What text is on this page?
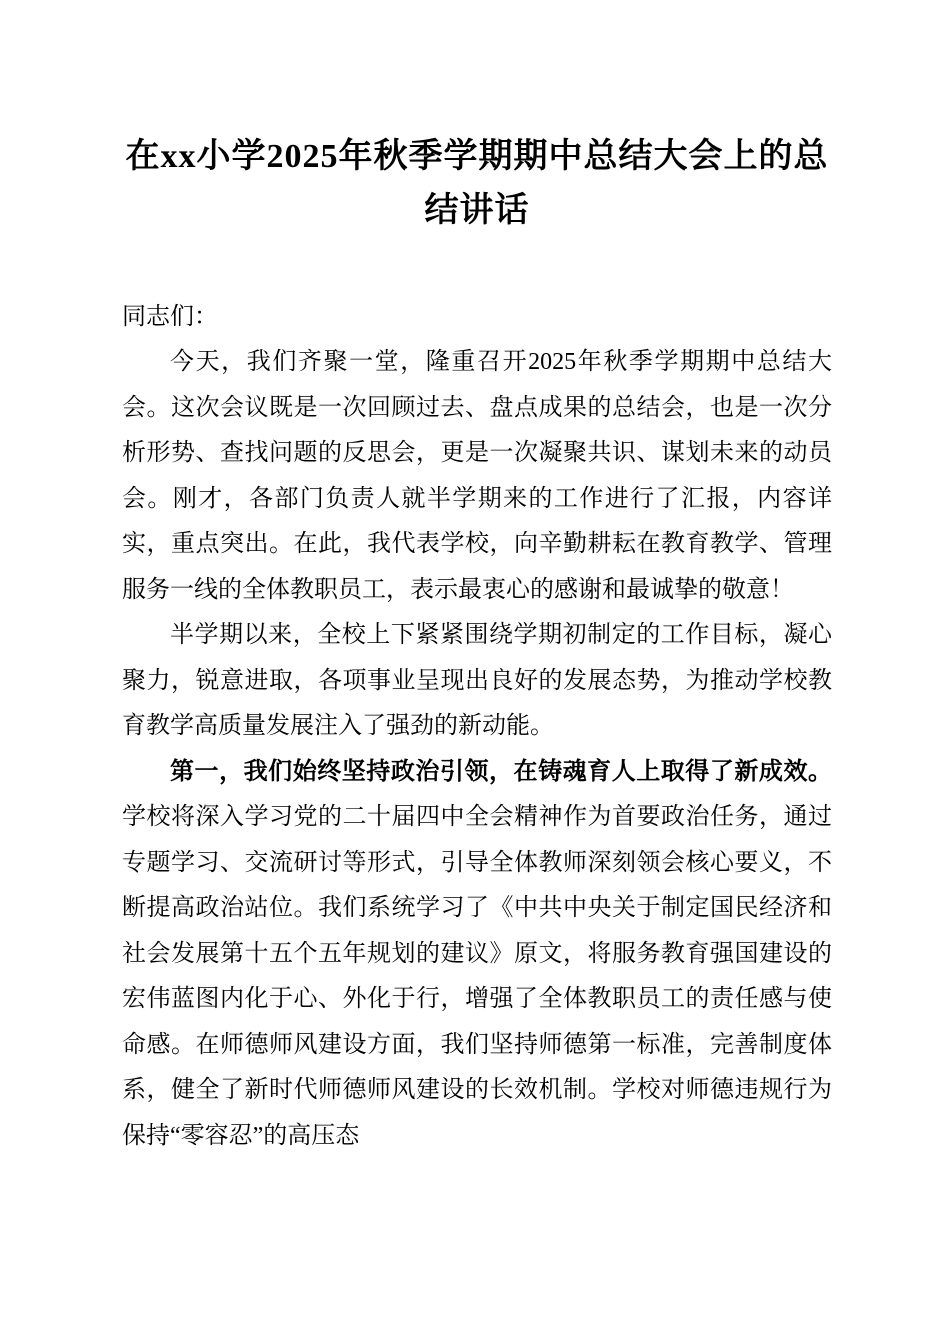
在xx小学2025年秋季学期期中总结大会上的总结讲话

同志们：

今天，我们齐聚一堂，隆重召开2025年秋季学期期中总结大会。这次会议既是一次回顾过去、盘点成果的总结会，也是一次分析形势、查找问题的反思会，更是一次凝聚共识、谋划未来的动员会。刚才，各部门负责人就半学期来的工作进行了汇报，内容详实，重点突出。在此，我代表学校，向辛勤耕耘在教育教学、管理服务一线的全体教职员工，表示最衷心的感谢和最诚挚的敬意！

半学期以来，全校上下紧紧围绕学期初制定的工作目标，凝心聚力，锐意进取，各项事业呈现出良好的发展态势，为推动学校教育教学高质量发展注入了强劲的新动能。

第一，我们始终坚持政治引领，在铸魂育人上取得了新成效。学校将深入学习党的二十届四中全会精神作为首要政治任务，通过专题学习、交流研讨等形式，引导全体教师深刻领会核心要义，不断提高政治站位。我们系统学习了《中共中央关于制定国民经济和社会发展第十五个五年规划的建议》原文，将服务教育强国建设的宏伟蓝图内化于心、外化于行，增强了全体教职员工的责任感与使命感。在师德师风建设方面，我们坚持师德第一标准，完善制度体系，健全了新时代师德师风建设的长效机制。学校对师德违规行为保持“零容忍”的高压态
